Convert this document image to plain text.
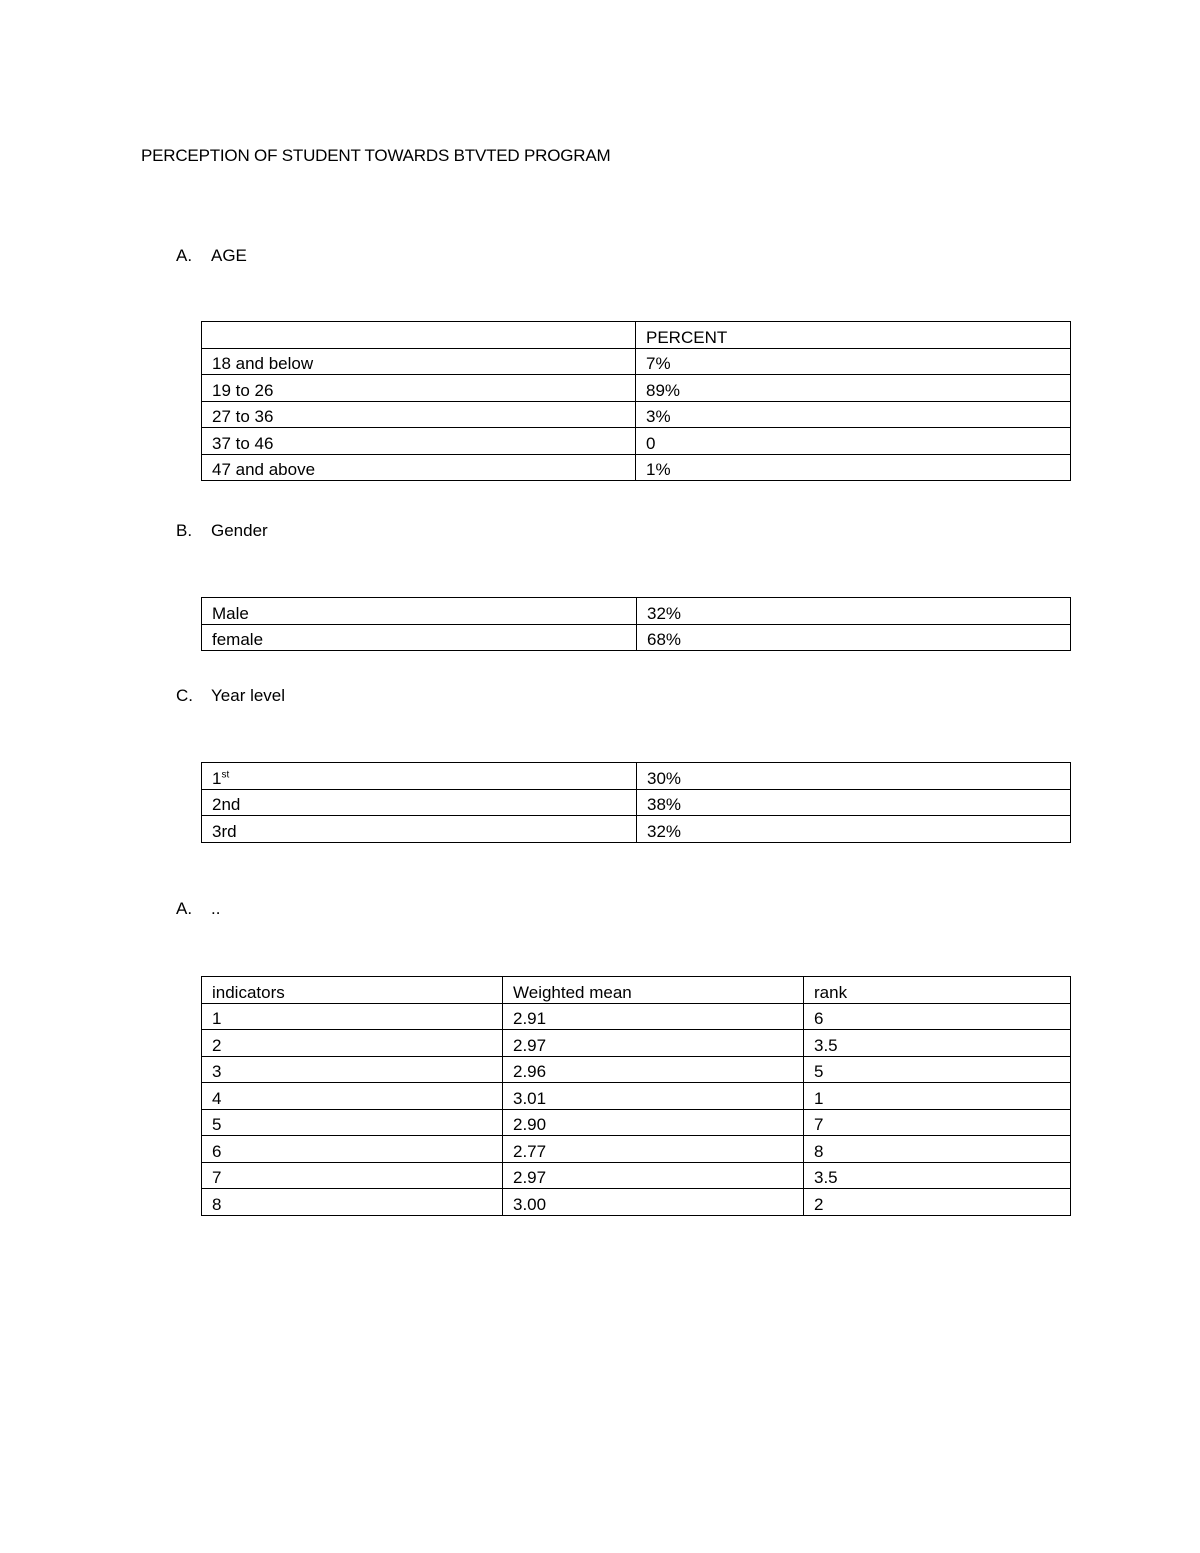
PERCEPTION OF STUDENT TOWARDS BTVTED PROGRAM
A. AGE
	PERCENT
18 and below	7%
19 to 26	89%
27 to 36	3%
37 to 46	0
47 and above	1%
B. Gender
Male	32%
female	68%
C. Year level
1st	30%
2nd	38%
3rd	32%
A. ..
indicators	Weighted mean	rank
1	2.91	6
2	2.97	3.5
3	2.96	5
4	3.01	1
5	2.90	7
6	2.77	8
7	2.97	3.5
8	3.00	2
